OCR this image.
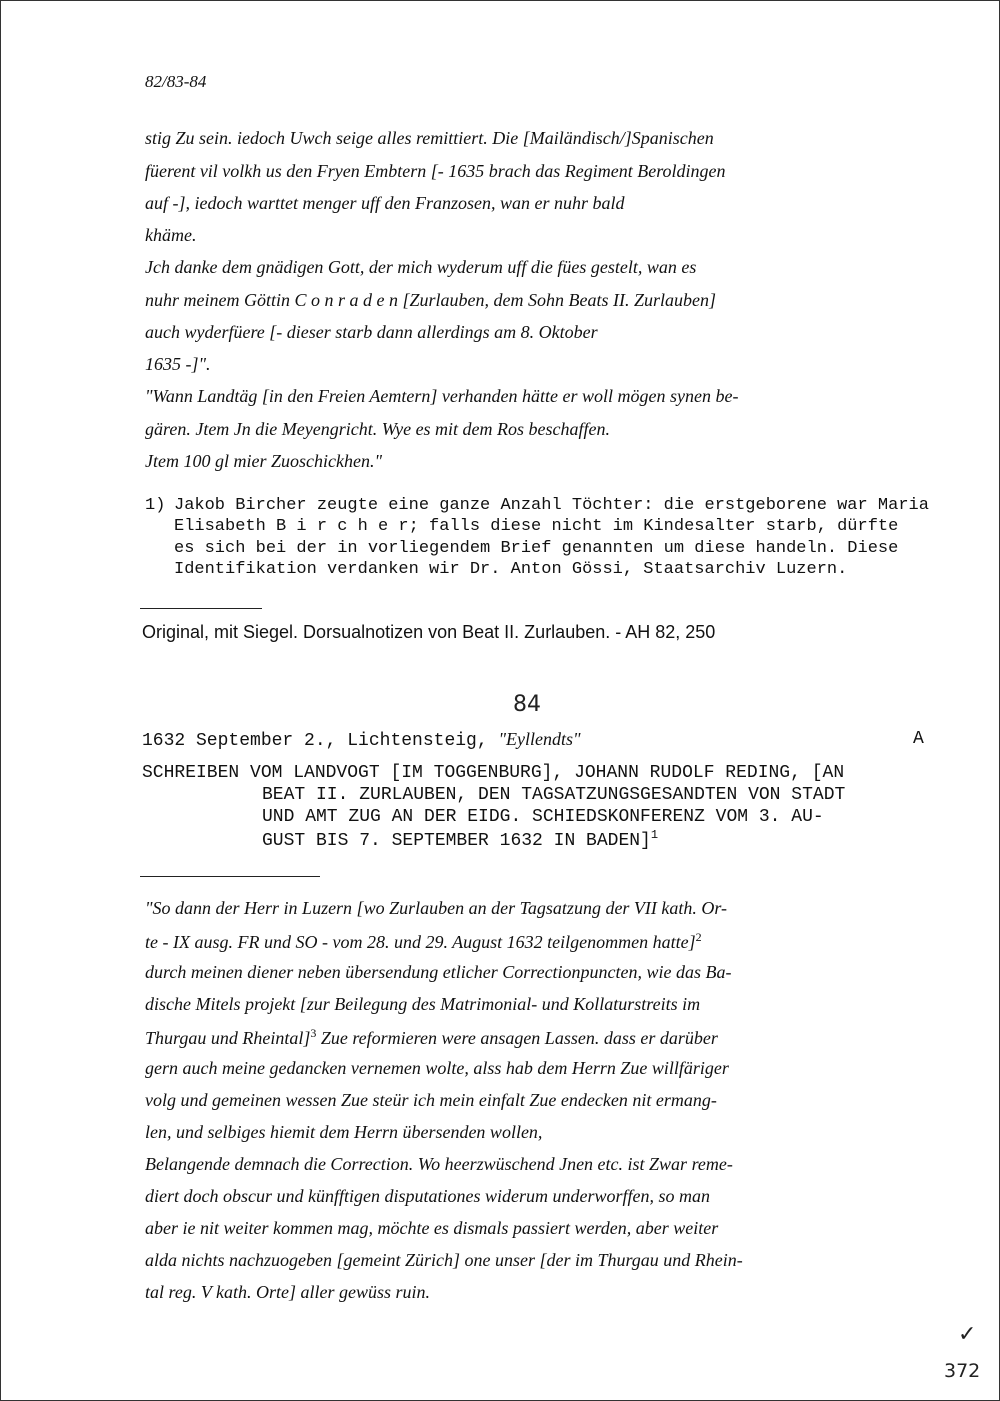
82/83-84
stig Zu sein. iedoch Uwch seige alles remittiert. Die [Mailändisch/]Spanischen
füerent vil volkh us den Fryen Embtern [- 1635 brach das Regiment Beroldingen
auf -], iedoch warttet menger uff den Franzosen, wan er nuhr bald
khäme.
Jch danke dem gnädigen Gott, der mich wyderum uff die fües gestelt, wan es
nuhr meinem Göttin C o n r a d e n [Zurlauben, dem Sohn Beats II. Zurlauben]
auch wyderfüere [- dieser starb dann allerdings am 8. Oktober
1635 -]".
"Wann Landtäg [in den Freien Aemtern] verhanden hätte er woll mögen synen be-
gären. Jtem Jn die Meyengricht. Wye es mit dem Ros beschaffen.
Jtem 100 gl mier Zuoschickhen."
1) Jakob Bircher zeugte eine ganze Anzahl Töchter: die erstgeborene war Maria
Elisabeth B i r c h e r; falls diese nicht im Kindesalter starb, dürfte
es sich bei der in vorliegendem Brief genannten um diese handeln. Diese
Identifikation verdanken wir Dr. Anton Gössi, Staatsarchiv Luzern.
Original, mit Siegel. Dorsualnotizen von Beat II. Zurlauben. - AH 82, 250
84
1632 September 2., Lichtensteig, "Eyllendts"	A
SCHREIBEN VOM LANDVOGT [IM TOGGENBURG], JOHANN RUDOLF REDING, [AN
BEAT II. ZURLAUBEN, DEN TAGSATZUNGSGESANDTEN VON STADT
UND AMT ZUG AN DER EIDG. SCHIEDSKONFERENZ VOM 3. AU-
GUST BIS 7. SEPTEMBER 1632 IN BADEN]$^1$
"So dann der Herr in Luzern [wo Zurlauben an der Tagsatzung der VII kath. Or-
te - IX ausg. FR und SO - vom 28. und 29. August 1632 teilgenommen hatte]$^2$
durch meinen diener neben übersendung etlicher Correctionpuncten, wie das Ba-
dische Mitels projekt [zur Beilegung des Matrimonial- und Kollaturstreits im
Thurgau und Rheintal]$^3$ Zue reformieren were ansagen Lassen. dass er darüber
gern auch meine gedancken vernemen wolte, alss hab dem Herrn Zue willfäriger
volg und gemeinen wessen Zue steür ich mein einfalt Zue endecken nit ermang-
len, und selbiges hiemit dem Herrn übersenden wollen,
Belangende demnach die Correction. Wo heerzwüschend Jnen etc. ist Zwar reme-
diert doch obscur und künfftigen disputationes widerum underworffen, so man
aber ie nit weiter kommen mag, möchte es dismals passiert werden, aber weiter
alda nichts nachzuogeben [gemeint Zürich] one unser [der im Thurgau und Rhein-
tal reg. V kath. Orte] aller gewüss ruin.
✓
372
